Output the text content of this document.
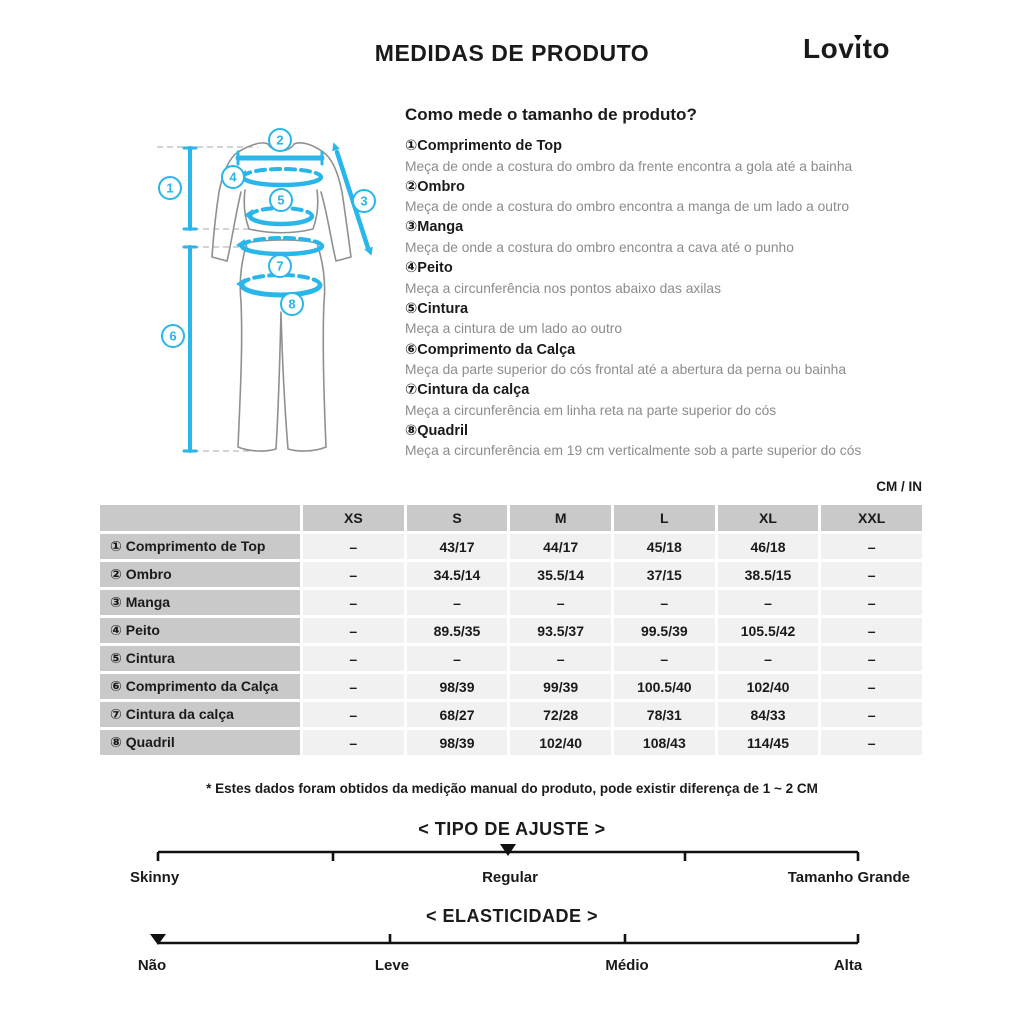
MEDIDAS DE PRODUTO	Lovı
to
1
2
3
4
5
6
7
8
Como mede o tamanho de produto?
①Comprimento de Top
Meça de onde a costura do ombro da frente encontra a gola até a bainha
②Ombro
Meça de onde a costura do ombro encontra a manga de um lado a outro
③Manga
Meça de onde a costura do ombro encontra a cava até o punho
④Peito
Meça a circunferência nos pontos abaixo das axilas
⑤Cintura
Meça a cintura de um lado ao outro
⑥Comprimento da Calça
Meça da parte superior do cós frontal até a abertura da perna ou bainha
⑦Cintura da calça
Meça a circunferência em linha reta na parte superior do cós
⑧Quadril
Meça a circunferência em 19 cm verticalmente sob a parte superior do cós
CM / IN
XS	S	M	L	XL	XXL
① Comprimento de Top	–	43/17	44/17	45/18	46/18	–
② Ombro	–	34.5/14	35.5/14	37/15	38.5/15	–
③ Manga	–	–	–	–	–	–
④ Peito	–	89.5/35	93.5/37	99.5/39	105.5/42	–
⑤ Cintura	–	–	–	–	–	–
⑥ Comprimento da Calça	–	98/39	99/39	100.5/40	102/40	–
⑦ Cintura da calça	–	68/27	72/28	78/31	84/33	–
⑧ Quadril	–	98/39	102/40	108/43	114/45	–
* Estes dados foram obtidos da medição manual do produto, pode existir diferença de 1 ~ 2 CM
< TIPO DE AJUSTE >
Skinny	Regular	Tamanho Grande
< ELASTICIDADE >
Não	Leve	Médio	Alta
